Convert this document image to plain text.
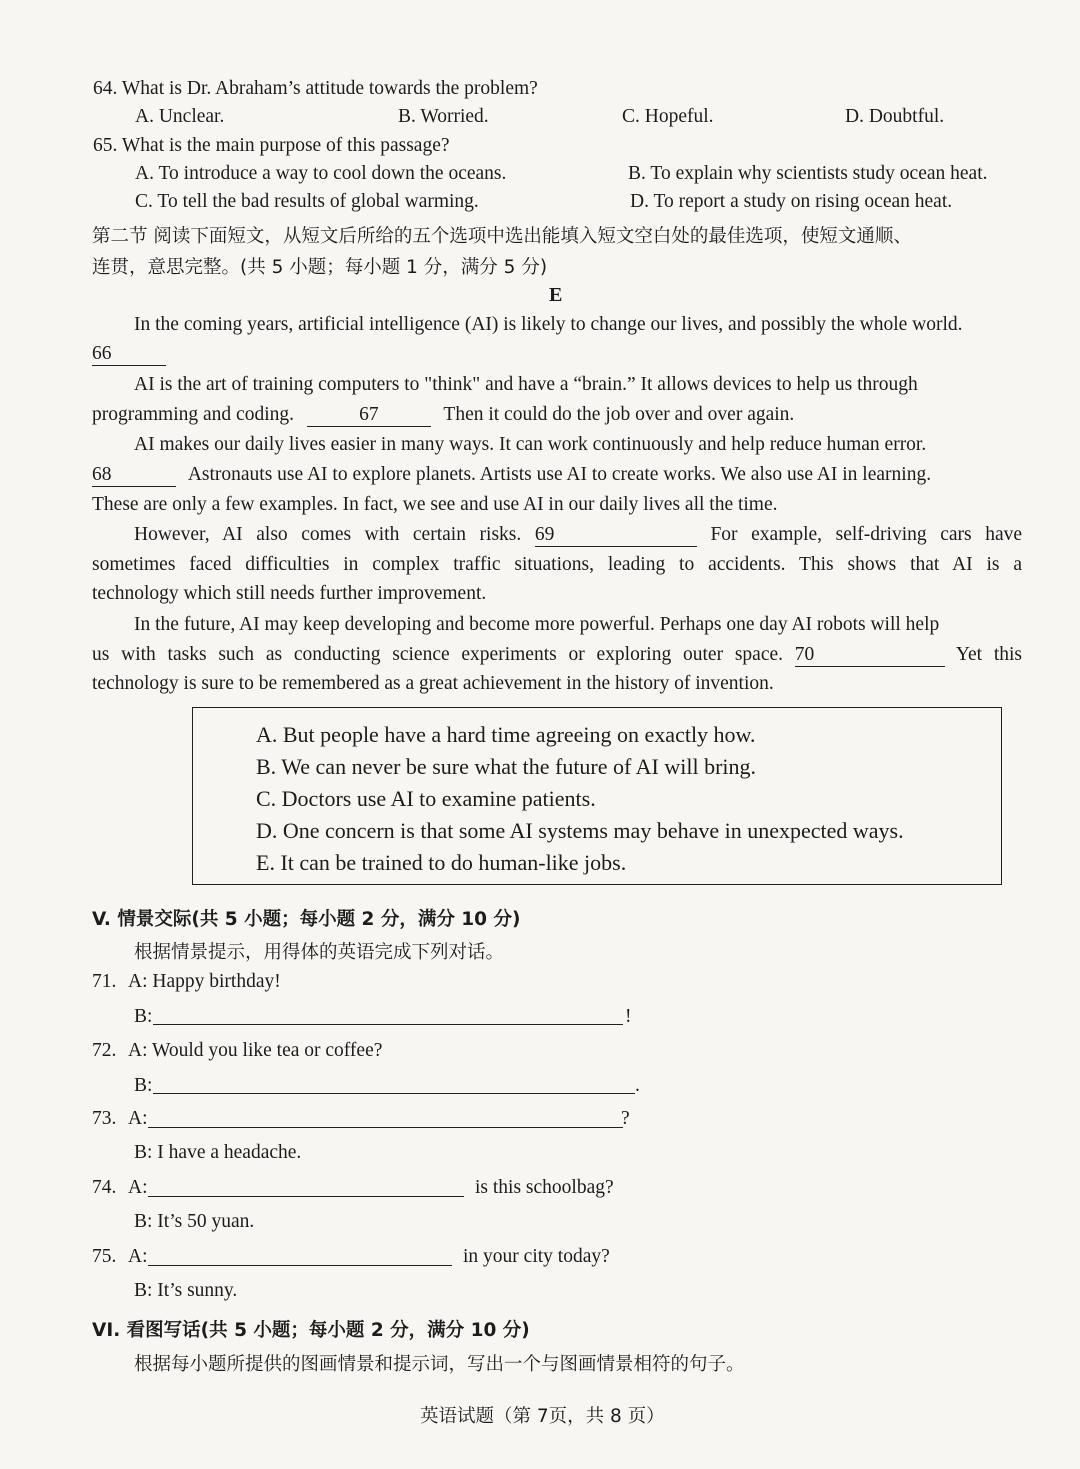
64. What is Dr. Abraham’s attitude towards the problem?
A. Unclear.	B. Worried.	C. Hopeful.	D. Doubtful.
65. What is the main purpose of this passage?
A. To introduce a way to cool down the oceans.	B. To explain why scientists study ocean heat.
C. To tell the bad results of global warming.	D. To report a study on rising ocean heat.
第二节 阅读下面短文，从短文后所给的五个选项中选出能填入短文空白处的最佳选项，使短文通顺、
连贯，意思完整。(共 5 小题；每小题 1 分，满分 5 分)
E
In the coming years, artificial intelligence (AI) is likely to change our lives, and possibly the whole world.
66
AI is the art of training computers to "think" and have a “brain.” It allows devices to help us through
programming and coding.	67	Then it could do the job over and over again.
AI makes our daily lives easier in many ways. It can work continuously and help reduce human error.
68	Astronauts use AI to explore planets. Artists use AI to create works. We also use AI in learning.
These are only a few examples. In fact, we see and use AI in our daily lives all the time.
However, AI also comes with certain risks. 69	For example, self-driving cars have
sometimes faced difficulties in complex traffic situations, leading to accidents. This shows that AI is a
technology which still needs further improvement.
In the future, AI may keep developing and become more powerful. Perhaps one day AI robots will help
us with tasks such as conducting science experiments or exploring outer space. 70	Yet this
technology is sure to be remembered as a great achievement in the history of invention.
A. But people have a hard time agreeing on exactly how.
B. We can never be sure what the future of AI will bring.
C. Doctors use AI to examine patients.
D. One concern is that some AI systems may behave in unexpected ways.
E. It can be trained to do human-like jobs.
V. 情景交际(共 5 小题；每小题 2 分，满分 10 分)
根据情景提示，用得体的英语完成下列对话。
71. A: Happy birthday!
B:	!
72. A: Would you like tea or coffee?
B:	.
73. A:	?
B: I have a headache.
74. A:	is this schoolbag?
B: It’s 50 yuan.
75. A:	in your city today?
B: It’s sunny.
VI. 看图写话(共 5 小题；每小题 2 分，满分 10 分)
根据每小题所提供的图画情景和提示词，写出一个与图画情景相符的句子。
英语试题（第 7页，共 8 页）
